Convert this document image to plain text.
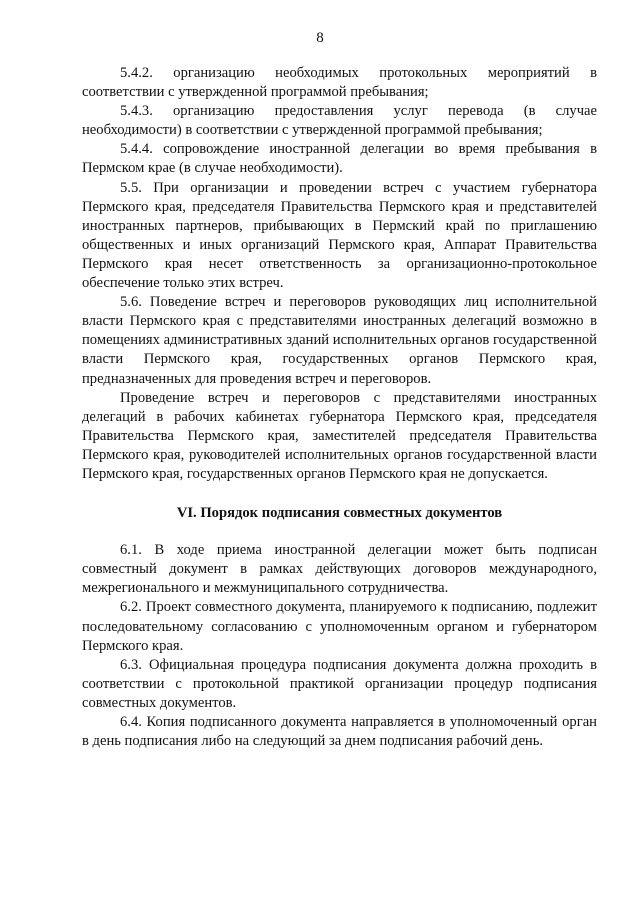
8

5.4.2. организацию необходимых протокольных мероприятий в соответствии с утвержденной программой пребывания;

5.4.3. организацию предоставления услуг перевода (в случае необходимости) в соответствии с утвержденной программой пребывания;

5.4.4. сопровождение иностранной делегации во время пребывания в Пермском крае (в случае необходимости).

5.5. При организации и проведении встреч с участием губернатора Пермского края, председателя Правительства Пермского края и представителей иностранных партнеров, прибывающих в Пермский край по приглашению общественных и иных организаций Пермского края, Аппарат Правительства Пермского края несет ответственность за организационно-протокольное обеспечение только этих встреч.

5.6. Поведение встреч и переговоров руководящих лиц исполнительной власти Пермского края с представителями иностранных делегаций возможно в помещениях административных зданий исполнительных органов государственной власти Пермского края, государственных органов Пермского края, предназначенных для проведения встреч и переговоров.

Проведение встреч и переговоров с представителями иностранных делегаций в рабочих кабинетах губернатора Пермского края, председателя Правительства Пермского края, заместителей председателя Правительства Пермского края, руководителей исполнительных органов государственной власти Пермского края, государственных органов Пермского края не допускается.

VI. Порядок подписания совместных документов

6.1. В ходе приема иностранной делегации может быть подписан совместный документ в рамках действующих договоров международного, межрегионального и межмуниципального сотрудничества.

6.2. Проект совместного документа, планируемого к подписанию, подлежит последовательному согласованию с уполномоченным органом и губернатором Пермского края.

6.3. Официальная процедура подписания документа должна проходить в соответствии с протокольной практикой организации процедур подписания совместных документов.

6.4. Копия подписанного документа направляется в уполномоченный орган в день подписания либо на следующий за днем подписания рабочий день.
